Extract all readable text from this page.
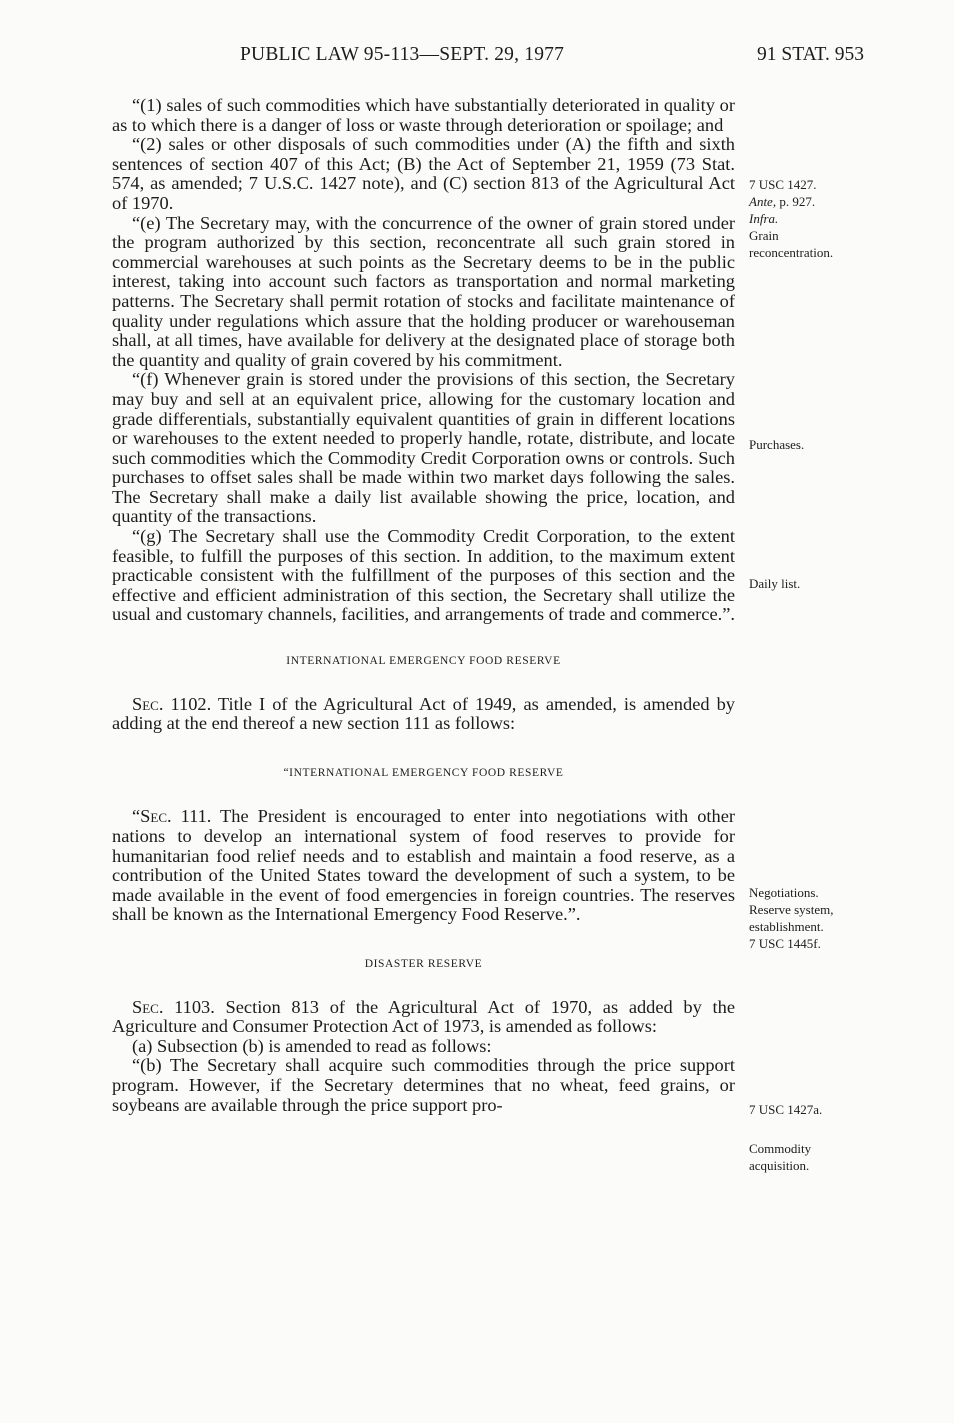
PUBLIC LAW 95-113—SEPT. 29, 1977	91 STAT. 953

“(1) sales of such commodities which have substantially deteriorated in quality or as to which there is a danger of loss or waste through deterioration or spoilage; and

“(2) sales or other disposals of such commodities under (A) the fifth and sixth sentences of section 407 of this Act; (B) the Act of September 21, 1959 (73 Stat. 574, as amended; 7 U.S.C. 1427 note), and (C) section 813 of the Agricultural Act of 1970.

“(e) The Secretary may, with the concurrence of the owner of grain stored under the program authorized by this section, reconcentrate all such grain stored in commercial warehouses at such points as the Secretary deems to be in the public interest, taking into account such factors as transportation and normal marketing patterns. The Secretary shall permit rotation of stocks and facilitate maintenance of quality under regulations which assure that the holding producer or warehouseman shall, at all times, have available for delivery at the designated place of storage both the quantity and quality of grain covered by his commitment.

“(f) Whenever grain is stored under the provisions of this section, the Secretary may buy and sell at an equivalent price, allowing for the customary location and grade differentials, substantially equivalent quantities of grain in different locations or warehouses to the extent needed to properly handle, rotate, distribute, and locate such commodities which the Commodity Credit Corporation owns or controls. Such purchases to offset sales shall be made within two market days following the sales. The Secretary shall make a daily list available showing the price, location, and quantity of the transactions.

“(g) The Secretary shall use the Commodity Credit Corporation, to the extent feasible, to fulfill the purposes of this section. In addition, to the maximum extent practicable consistent with the fulfillment of the purposes of this section and the effective and efficient administration of this section, the Secretary shall utilize the usual and customary channels, facilities, and arrangements of trade and commerce.”.

INTERNATIONAL EMERGENCY FOOD RESERVE

Sec. 1102. Title I of the Agricultural Act of 1949, as amended, is amended by adding at the end thereof a new section 111 as follows:

“INTERNATIONAL EMERGENCY FOOD RESERVE

“Sec. 111. The President is encouraged to enter into negotiations with other nations to develop an international system of food reserves to provide for humanitarian food relief needs and to establish and maintain a food reserve, as a contribution of the United States toward the development of such a system, to be made available in the event of food emergencies in foreign countries. The reserves shall be known as the International Emergency Food Reserve.”.

DISASTER RESERVE

Sec. 1103. Section 813 of the Agricultural Act of 1970, as added by the Agriculture and Consumer Protection Act of 1973, is amended as follows:

(a) Subsection (b) is amended to read as follows:

“(b) The Secretary shall acquire such commodities through the price support program. However, if the Secretary determines that no wheat, feed grains, or soybeans are available through the price support pro-

7 USC 1427.
Ante, p. 927.
Infra.
Grain
reconcentration.
Purchases.
Daily list.
Negotiations.
Reserve system,
establishment.
7 USC 1445f.
7 USC 1427a.
Commodity
acquisition.
